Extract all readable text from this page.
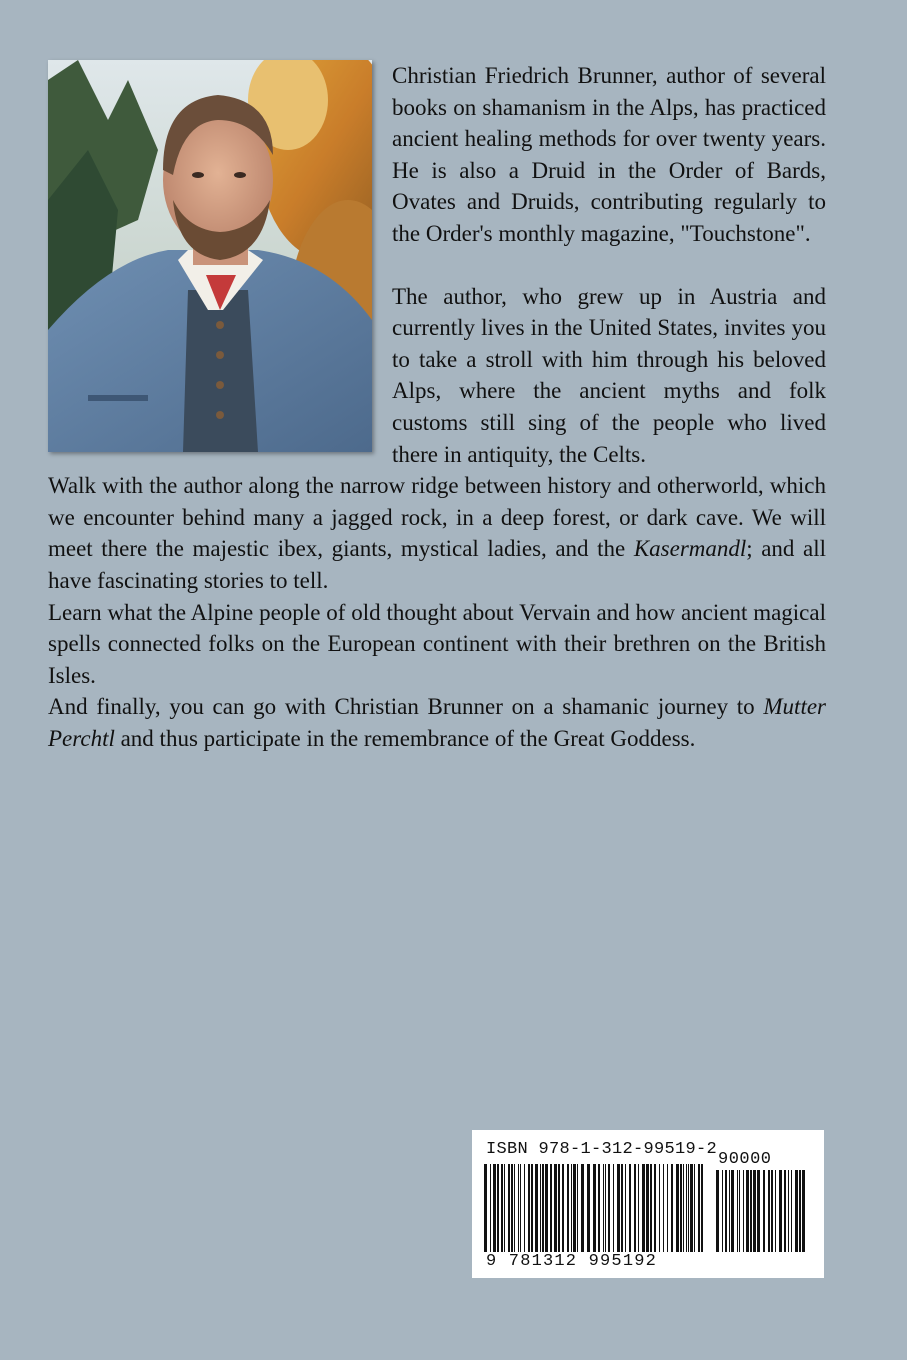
Christian Friedrich Brunner, author of several books on shamanism in the Alps, has practiced ancient healing methods for over twenty years. He is also a Druid in the Order of Bards, Ovates and Druids, contributing regularly to the Order's monthly magazine, "Touchstone".

The author, who grew up in Austria and currently lives in the United States, invites you to take a stroll with him through his beloved Alps, where the ancient myths and folk customs still sing of the people who lived there in antiquity, the Celts.

Walk with the author along the narrow ridge between history and otherworld, which we encounter behind many a jagged rock, in a deep forest, or dark cave. We will meet there the majestic ibex, giants, mystical ladies, and the Kasermandl; and all have fascinating stories to tell.

Learn what the Alpine people of old thought about Vervain and how ancient magical spells connected folks on the European continent with their brethren on the British Isles.

And finally, you can go with Christian Brunner on a shamanic journey to Mutter Perchtl and thus participate in the remembrance of the Great Goddess.

ISBN 978-1-312-99519-2
90000
9 781312 995192
